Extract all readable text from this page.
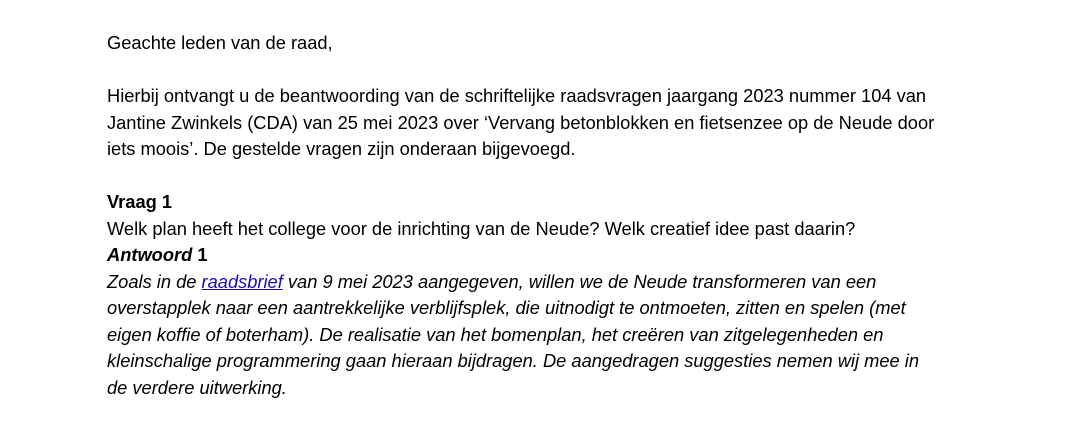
Geachte leden van de raad,

Hierbij ontvangt u de beantwoording van de schriftelijke raadsvragen jaargang 2023 nummer 104 van
Jantine Zwinkels (CDA) van 25 mei 2023 over ‘Vervang betonblokken en fietsenzee op de Neude door
iets moois’. De gestelde vragen zijn onderaan bijgevoegd.

Vraag 1

Welk plan heeft het college voor de inrichting van de Neude? Welk creatief idee past daarin?

Antwoord 1

Zoals in de raadsbrief van 9 mei 2023 aangegeven, willen we de Neude transformeren van een
overstapplek naar een aantrekkelijke verblijfsplek, die uitnodigt te ontmoeten, zitten en spelen (met
eigen koffie of boterham). De realisatie van het bomenplan, het creëren van zitgelegenheden en
kleinschalige programmering gaan hieraan bijdragen. De aangedragen suggesties nemen wij mee in
de verdere uitwerking.
